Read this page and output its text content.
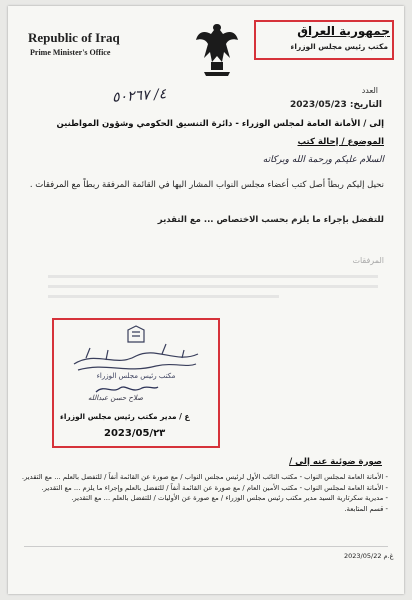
Republic of Iraq
Prime Minister's Office
جمهورية العراق
مكتب رئيس مجلس الوزراء
٤/ ٥٠٢٦٧	العدد
التاريخ: 2023/05/23
إلى / الأمانة العامة لمجلس الوزراء - دائرة التنسيق الحكومي وشؤون المواطنين
الموضوع / إحالة كتب
السلام عليكم ورحمة الله وبركاته
نحيل إليكم ربطاً أصل كتب أعضاء مجلس النواب المشار اليها في القائمة المرفقة ربطاً مع المرفقات .
للتفضل بإجراء ما يلزم بحسب الاختصاص ... مع التقدير
المرفقات
مكتب رئيس مجلس الوزراء
صلاح حسن عبدالله
ع / مدير مكتب رئيس مجلس الوزراء
2023/05/٢٣
صورة ضوئية عنه إلى /
- الأمانة العامة لمجلس النواب - مكتب النائب الأول لرئيس مجلس النواب / مع صورة عن القائمة أنفاً / للتفضل بالعلم ... مع التقدير.
- الأمانة العامة لمجلس النواب - مكتب الأمين العام / مع صورة عن القائمة أنفاً / للتفضل بالعلم وإجراء ما يلزم ... مع التقدير.
- مديرية سكرتارية السيد مدير مكتب رئيس مجلس الوزراء / مع صورة عن الأوليات / للتفضل بالعلم ... مع التقدير.
- قسم المتابعة.
2023/05/22 غ.م
